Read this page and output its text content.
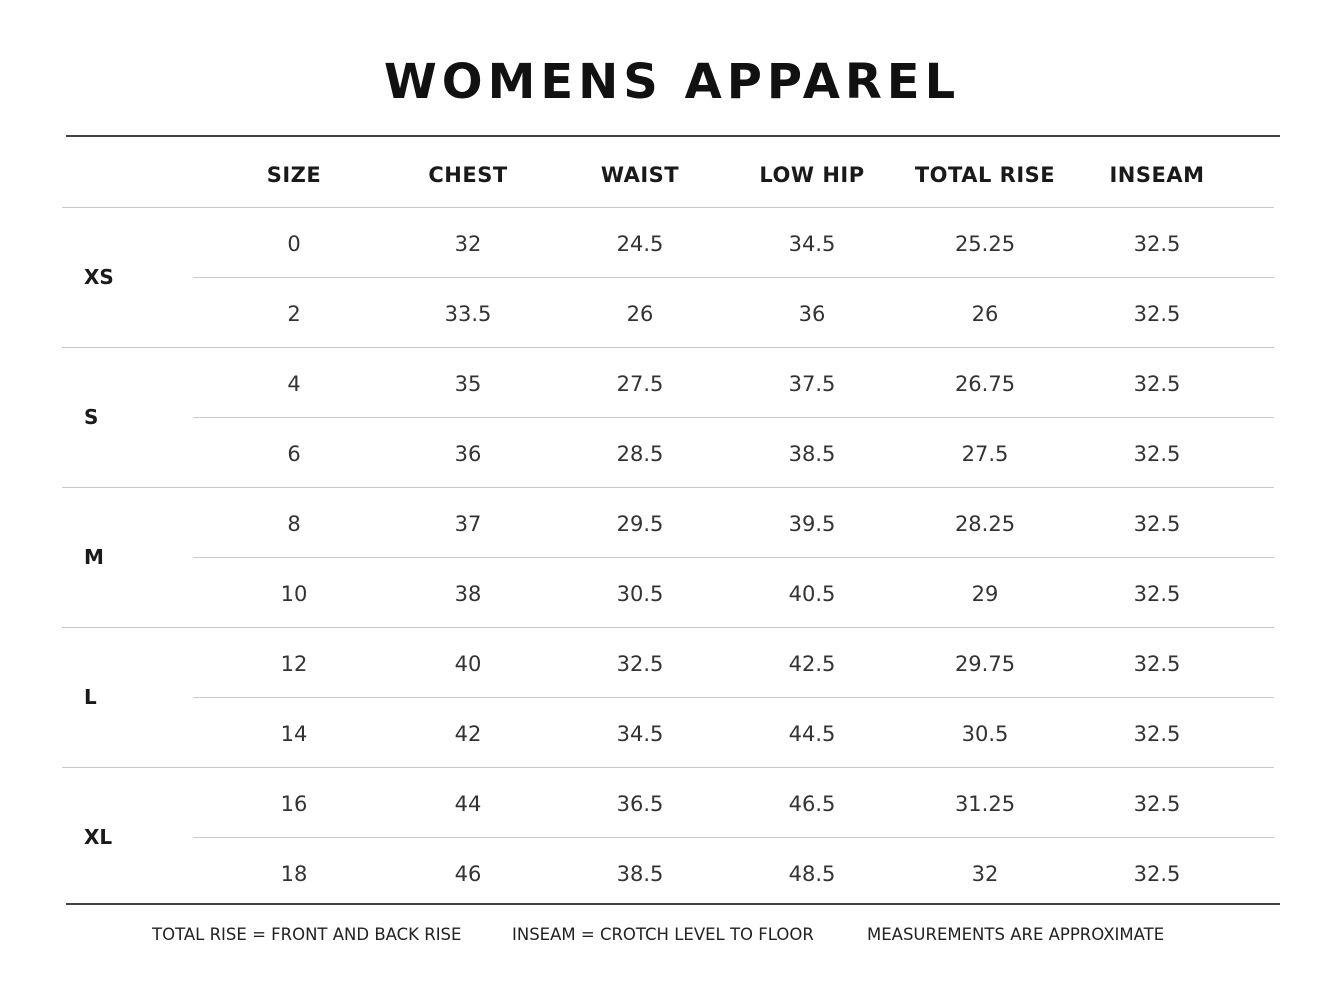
WOMENS APPAREL
SIZE	CHEST	WAIST	LOW HIP	TOTAL RISE	INSEAM
XS
0	32	24.5	34.5	25.25	32.5
2	33.5	26	36	26	32.5
S
4	35	27.5	37.5	26.75	32.5
6	36	28.5	38.5	27.5	32.5
M
8	37	29.5	39.5	28.25	32.5
10	38	30.5	40.5	29	32.5
L
12	40	32.5	42.5	29.75	32.5
14	42	34.5	44.5	30.5	32.5
XL
16	44	36.5	46.5	31.25	32.5
18	46	38.5	48.5	32	32.5
TOTAL RISE = FRONT AND BACK RISE	INSEAM = CROTCH LEVEL TO FLOOR	MEASUREMENTS ARE APPROXIMATE
